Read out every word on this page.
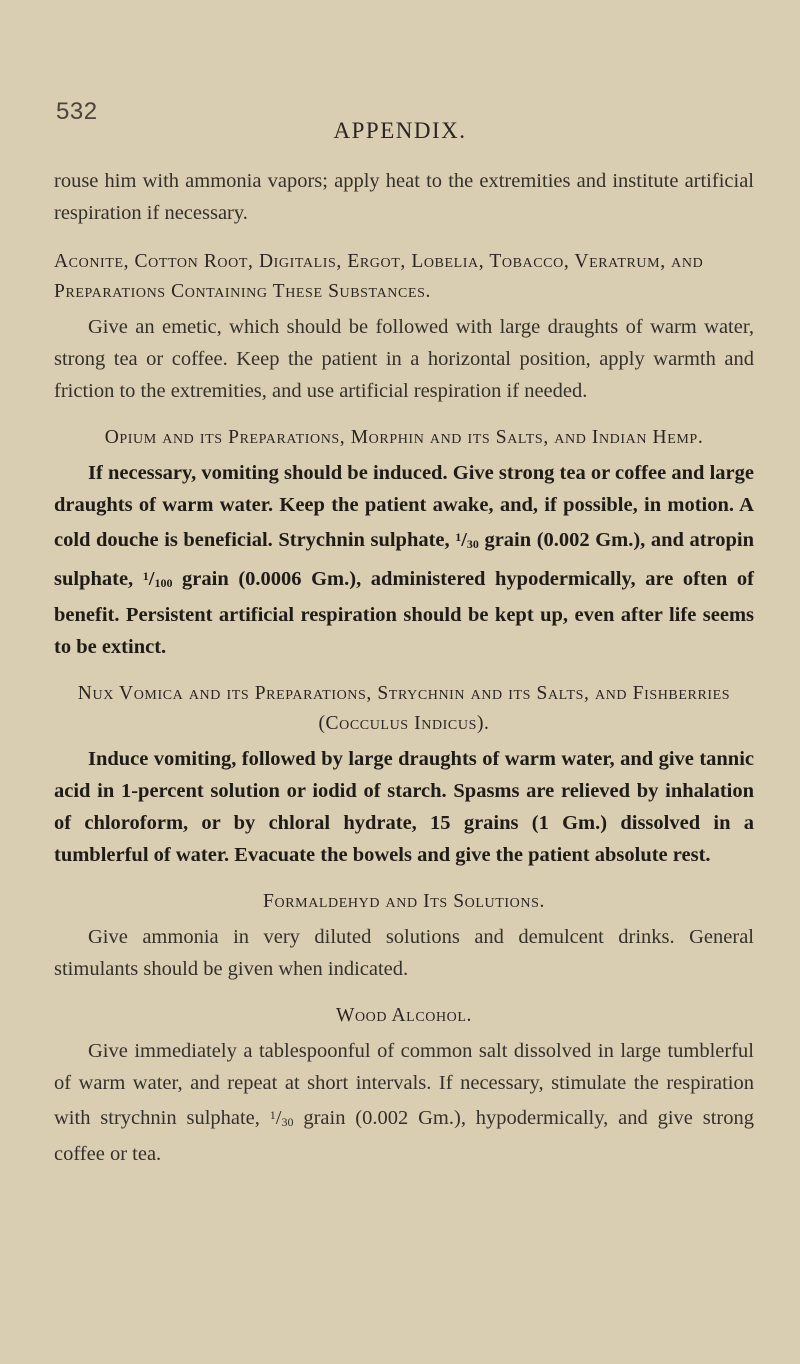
532
APPENDIX.

rouse him with ammonia vapors; apply heat to the extremities and institute artificial respiration if necessary.

Aconite, Cotton Root, Digitalis, Ergot, Lobelia, Tobacco, Veratrum, and Preparations Containing These Substances.

Give an emetic, which should be followed with large draughts of warm water, strong tea or coffee. Keep the patient in a horizontal position, apply warmth and friction to the extremities, and use artificial respiration if needed.

Opium and its Preparations, Morphin and its Salts, and Indian Hemp.

If necessary, vomiting should be induced. Give strong tea or coffee and large draughts of warm water. Keep the patient awake, and, if possible, in motion. A cold douche is beneficial. Strychnin sulphate, $^1/_{30}$ grain (0.002 Gm.), and atropin sulphate, $^1/_{100}$ grain (0.0006 Gm.), administered hypodermically, are often of benefit. Persistent artificial respiration should be kept up, even after life seems to be extinct.

Nux Vomica and its Preparations, Strychnin and its Salts, and Fishberries (Cocculus Indicus).

Induce vomiting, followed by large draughts of warm water, and give tannic acid in 1-percent solution or iodid of starch. Spasms are relieved by inhalation of chloroform, or by chloral hydrate, 15 grains (1 Gm.) dissolved in a tumblerful of water. Evacuate the bowels and give the patient absolute rest.

Formaldehyd and Its Solutions.

Give ammonia in very diluted solutions and demulcent drinks. General stimulants should be given when indicated.

Wood Alcohol.

Give immediately a tablespoonful of common salt dissolved in large tumblerful of warm water, and repeat at short intervals. If necessary, stimulate the respiration with strychnin sulphate, $^1/_{30}$ grain (0.002 Gm.), hypodermically, and give strong coffee or tea.
